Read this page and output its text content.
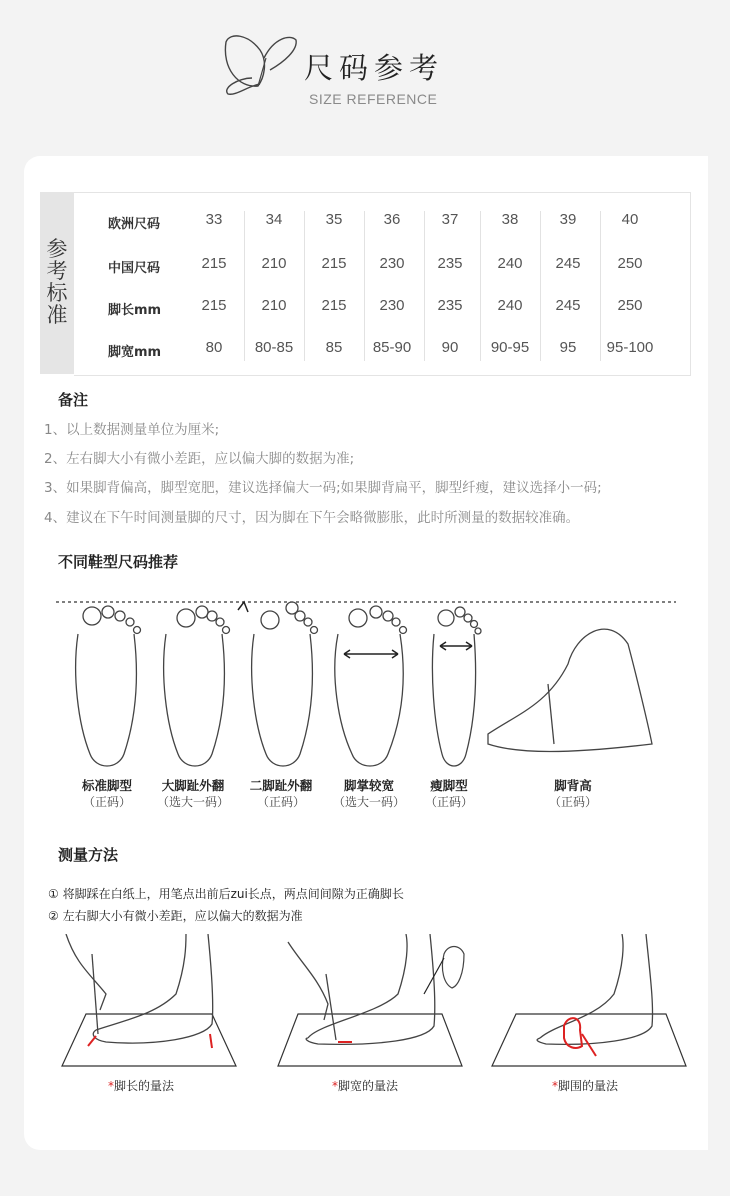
尺码参考
SIZE REFERENCE
参
考
标
准
欧洲尺码	33	34	35	36	37	38	39	40
中国尺码	215	210	215	230	235	240	245	250
脚长mm	215	210	215	230	235	240	245	250
脚宽mm	80	80-85	85	85-90	90	90-95	95	95-100
备注
1、以上数据测量单位为厘米;
2、左右脚大小有微小差距，应以偏大脚的数据为准;
3、如果脚背偏高，脚型宽肥，建议选择偏大一码;如果脚背扁平，脚型纤瘦，建议选择小一码;
4、建议在下午时间测量脚的尺寸，因为脚在下午会略微膨胀，此时所测量的数据较准确。
不同鞋型尺码推荐
标准脚型
（正码）
大脚趾外翻
（选大一码）
二脚趾外翻
（正码）
脚掌较宽
（选大一码）
瘦脚型
（正码）
脚背高
（正码）
测量方法
① 将脚踩在白纸上，用笔点出前后zui长点，两点间间隙为正确脚长
② 左右脚大小有微小差距，应以偏大的数据为准
*脚长的量法	*脚宽的量法	*脚围的量法
